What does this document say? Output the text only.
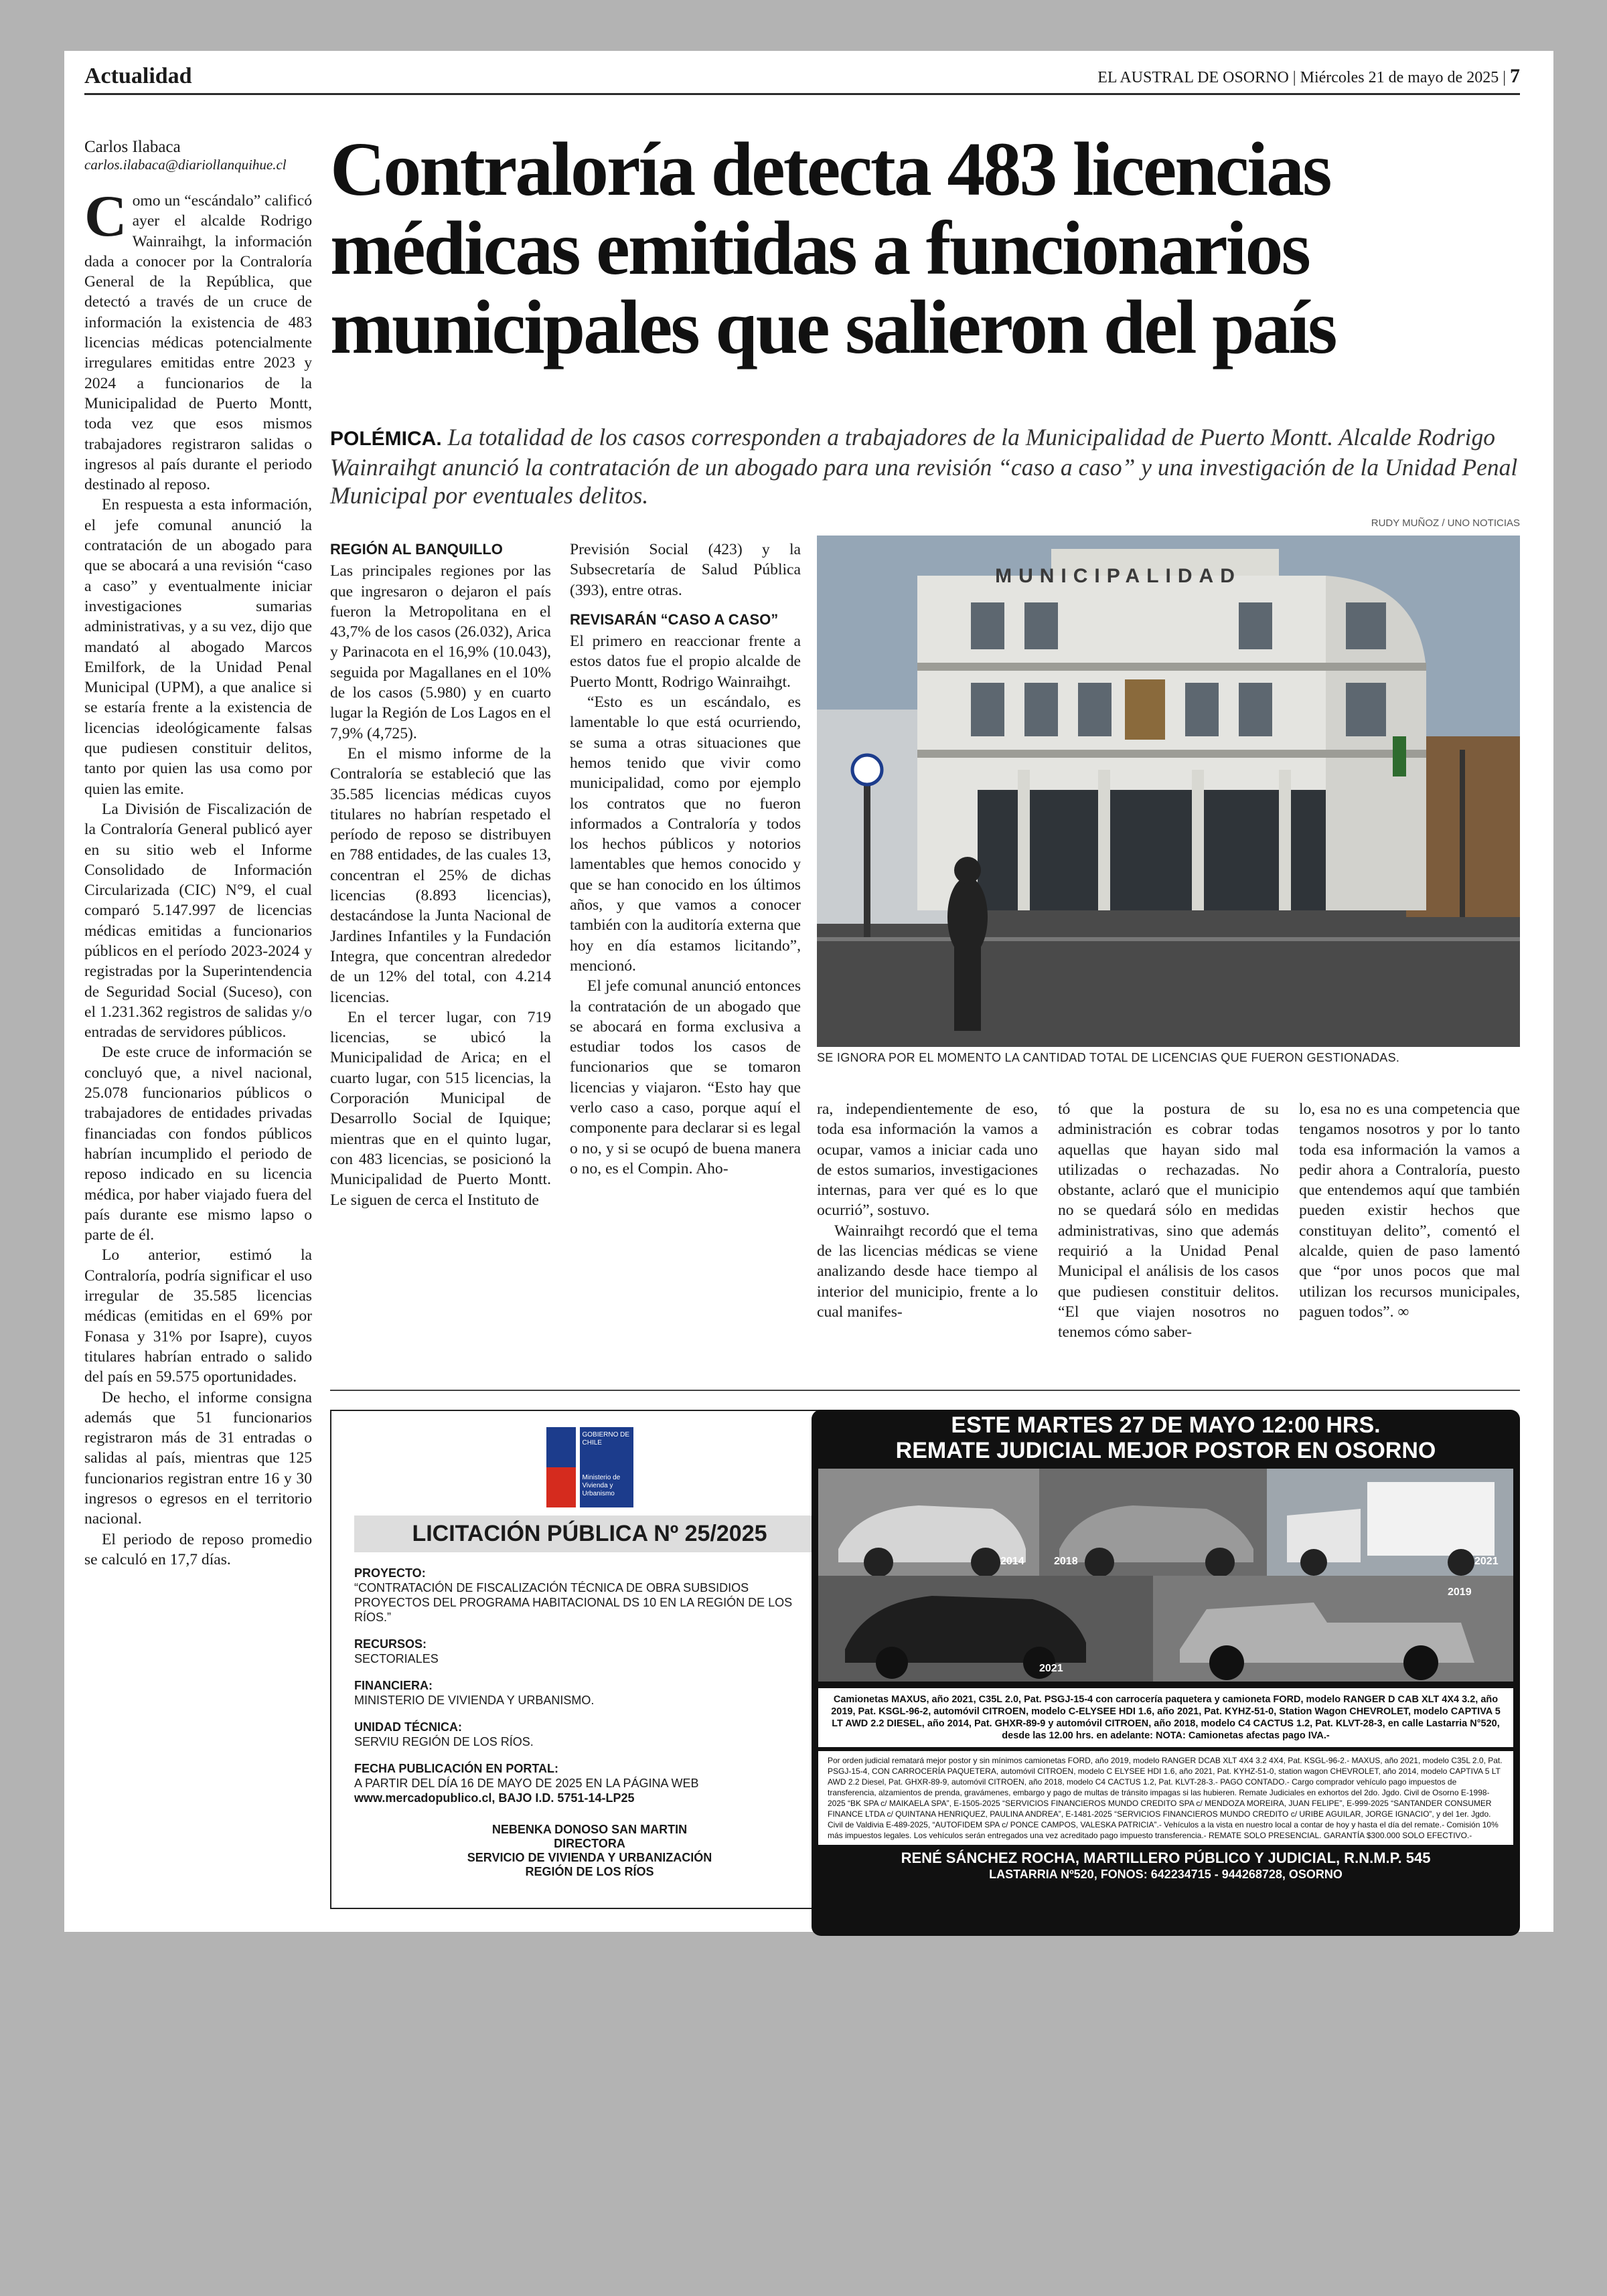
Actualidad	EL AUSTRAL DE OSORNO | Miércoles 21 de mayo de 2025 | 7
Carlos Ilabaca
carlos.ilabaca@diariollanquihue.cl

Como un “escándalo” calificó ayer el alcalde Rodrigo Wainraihgt, la información dada a conocer por la Contraloría General de la República, que detectó a través de un cruce de información la existencia de 483 licencias médicas potencialmente irregulares emitidas entre 2023 y 2024 a funcionarios de la Municipalidad de Puerto Montt, toda vez que esos mismos trabajadores registraron salidas o ingresos al país durante el periodo destinado al reposo.

En respuesta a esta información, el jefe comunal anunció la contratación de un abogado para que se abocará a una revisión “caso a caso” y eventualmente iniciar investigaciones sumarias administrativas, y a su vez, dijo que mandató al abogado Marcos Emilfork, de la Unidad Penal Municipal (UPM), a que analice si se estaría frente a la existencia de licencias ideológicamente falsas que pudiesen constituir delitos, tanto por quien las usa como por quien las emite.

La División de Fiscalización de la Contraloría General publicó ayer en su sitio web el Informe Consolidado de Información Circularizada (CIC) N°9, el cual comparó 5.147.997 de licencias médicas emitidas a funcionarios públicos en el período 2023-2024 y registradas por la Superintendencia de Seguridad Social (Suceso), con el 1.231.362 registros de salidas y/o entradas de servidores públicos.

De este cruce de información se concluyó que, a nivel nacional, 25.078 funcionarios públicos o trabajadores de entidades privadas financiadas con fondos públicos habrían incumplido el periodo de reposo indicado en su licencia médica, por haber viajado fuera del país durante ese mismo lapso o parte de él.

Lo anterior, estimó la Contraloría, podría significar el uso irregular de 35.585 licencias médicas (emitidas en el 69% por Fonasa y 31% por Isapre), cuyos titulares habrían entrado o salido del país en 59.575 oportunidades.

De hecho, el informe consigna además que 51 funcionarios registraron más de 31 entradas o salidas al país, mientras que 125 funcionarios registran entre 16 y 30 ingresos o egresos en el territorio nacional.

El periodo de reposo promedio se calculó en 17,7 días.

Contraloría detecta 483 licencias médicas emitidas a funcionarios municipales que salieron del país
POLÉMICA. La totalidad de los casos corresponden a trabajadores de la Municipalidad de Puerto Montt. Alcalde Rodrigo Wainraihgt anunció la contratación de un abogado para una revisión “caso a caso” y una investigación de la Unidad Penal Municipal por eventuales delitos.
RUDY MUÑOZ / UNO NOTICIAS
MUNICIPALIDAD
SE IGNORA POR EL MOMENTO LA CANTIDAD TOTAL DE LICENCIAS QUE FUERON GESTIONADAS.
REGIÓN AL BANQUILLO

Las principales regiones por las que ingresaron o dejaron el país fueron la Metropolitana en el 43,7% de los casos (26.032), Arica y Parinacota en el 16,9% (10.043), seguida por Magallanes en el 10% de los casos (5.980) y en cuarto lugar la Región de Los Lagos en el 7,9% (4,725).

En el mismo informe de la Contraloría se estableció que las 35.585 licencias médicas cuyos titulares no habrían respetado el período de reposo se distribuyen en 788 entidades, de las cuales 13, concentran el 25% de dichas licencias (8.893 licencias), destacándose la Junta Nacional de Jardines Infantiles y la Fundación Integra, que concentran alrededor de un 12% del total, con 4.214 licencias.

En el tercer lugar, con 719 licencias, se ubicó la Municipalidad de Arica; en el cuarto lugar, con 515 licencias, la Corporación Municipal de Desarrollo Social de Iquique; mientras que en el quinto lugar, con 483 licencias, se posicionó la Municipalidad de Puerto Montt. Le siguen de cerca el Instituto de

Previsión Social (423) y la Subsecretaría de Salud Pública (393), entre otras.

REVISARÁN “CASO A CASO”

El primero en reaccionar frente a estos datos fue el propio alcalde de Puerto Montt, Rodrigo Wainraihgt.

“Esto es un escándalo, es lamentable lo que está ocurriendo, se suma a otras situaciones que hemos tenido que vivir como municipalidad, como por ejemplo los contratos que no fueron informados a Contraloría y todos los hechos públicos y notorios lamentables que hemos conocido y que se han conocido en los últimos años, y que vamos a conocer también con la auditoría externa que hoy en día estamos licitando”, mencionó.

El jefe comunal anunció entonces la contratación de un abogado que se abocará en forma exclusiva a estudiar todos los casos de funcionarios que se tomaron licencias y viajaron. “Esto hay que verlo caso a caso, porque aquí el componente para declarar si es legal o no, y si se ocupó de buena manera o no, es el Compin. Aho-

ra, independientemente de eso, toda esa información la vamos a ocupar, vamos a iniciar cada uno de estos sumarios, investigaciones internas, para ver qué es lo que ocurrió”, sostuvo.

Wainraihgt recordó que el tema de las licencias médicas se viene analizando desde hace tiempo al interior del municipio, frente a lo cual manifes-

tó que la postura de su administración es cobrar todas aquellas que hayan sido mal utilizadas o rechazadas. No obstante, aclaró que el municipio no se quedará sólo en medidas administrativas, sino que además requirió a la Unidad Penal Municipal el análisis de los casos que pudiesen constituir delitos. “El que viajen nosotros no tenemos cómo saber-

lo, esa no es una competencia que tengamos nosotros y por lo tanto toda esa información la vamos a pedir ahora a Contraloría, puesto que entendemos aquí que también pueden existir hechos que constituyan delito”, comentó el alcalde, quien de paso lamentó que “por unos pocos que mal utilizan los recursos municipales, paguen todos”. ∞

GOBIERNO DE CHILE
Ministerio de Vivienda y Urbanismo
LICITACIÓN PÚBLICA Nº 25/2025
PROYECTO:
“CONTRATACIÓN DE FISCALIZACIÓN TÉCNICA DE OBRA SUBSIDIOS PROYECTOS DEL PROGRAMA HABITACIONAL DS 10 EN LA REGIÓN DE LOS RÍOS.”
RECURSOS:
SECTORIALES
FINANCIERA:
MINISTERIO DE VIVIENDA Y URBANISMO.
UNIDAD TÉCNICA:
SERVIU REGIÓN DE LOS RÍOS.
FECHA PUBLICACIÓN EN PORTAL:
A PARTIR DEL DÍA 16 DE MAYO DE 2025 EN LA PÁGINA WEB
www.mercadopublico.cl, BAJO I.D. 5751-14-LP25
NEBENKA DONOSO SAN MARTIN
DIRECTORA
SERVICIO DE VIVIENDA Y URBANIZACIÓN
REGIÓN DE LOS RÍOS
ESTE MARTES 27 DE MAYO 12:00 HRS.
REMATE JUDICIAL MEJOR POSTOR EN OSORNO
2014	2018	2021
2021
2019
Camionetas MAXUS, año 2021, C35L 2.0, Pat. PSGJ-15-4 con carrocería paquetera y camioneta FORD, modelo RANGER D CAB XLT 4X4 3.2, año 2019, Pat. KSGL-96-2, automóvil CITROEN, modelo C-ELYSEE HDI 1.6, año 2021, Pat. KYHZ-51-0, Station Wagon CHEVROLET, modelo CAPTIVA 5 LT AWD 2.2 DIESEL, año 2014, Pat. GHXR-89-9 y automóvil CITROEN, año 2018, modelo C4 CACTUS 1.2, Pat. KLVT-28-3, en calle Lastarria N°520, desde las 12.00 hrs. en adelante: NOTA: Camionetas afectas pago IVA.-
Por orden judicial rematará mejor postor y sin mínimos camionetas FORD, año 2019, modelo RANGER DCAB XLT 4X4 3.2 4X4, Pat. KSGL-96-2.- MAXUS, año 2021, modelo C35L 2.0, Pat. PSGJ-15-4, CON CARROCERÍA PAQUETERA, automóvil CITROEN, modelo C ELYSEE HDI 1.6, año 2021, Pat. KYHZ-51-0, station wagon CHEVROLET, año 2014, modelo CAPTIVA 5 LT AWD 2.2 Diesel, Pat. GHXR-89-9, automóvil CITROEN, año 2018, modelo C4 CACTUS 1.2, Pat. KLVT-28-3.- PAGO CONTADO.- Cargo comprador vehículo pago impuestos de transferencia, alzamientos de prenda, gravámenes, embargo y pago de multas de tránsito impagas si las hubieren. Remate Judiciales en exhortos del 2do. Jgdo. Civil de Osorno E-1998-2025 “BK SPA c/ MAIKAELA SPA”, E-1505-2025 “SERVICIOS FINANCIEROS MUNDO CREDITO SPA c/ MENDOZA MOREIRA, JUAN FELIPE”, E-999-2025 “SANTANDER CONSUMER FINANCE LTDA c/ QUINTANA HENRIQUEZ, PAULINA ANDREA”, E-1481-2025 “SERVICIOS FINANCIEROS MUNDO CREDITO c/ URIBE AGUILAR, JORGE IGNACIO”, y del 1er. Jgdo. Civil de Valdivia E-489-2025, “AUTOFIDEM SPA c/ PONCE CAMPOS, VALESKA PATRICIA”.- Vehículos a la vista en nuestro local a contar de hoy y hasta el día del remate.- Comisión 10% más impuestos legales. Los vehículos serán entregados una vez acreditado pago impuesto transferencia.- REMATE SOLO PRESENCIAL. GARANTÍA $300.000 SOLO EFECTIVO.-
RENÉ SÁNCHEZ ROCHA, MARTILLERO PÚBLICO Y JUDICIAL, R.N.M.P. 545
LASTARRIA Nº520, FONOS: 642234715 - 944268728, OSORNO
